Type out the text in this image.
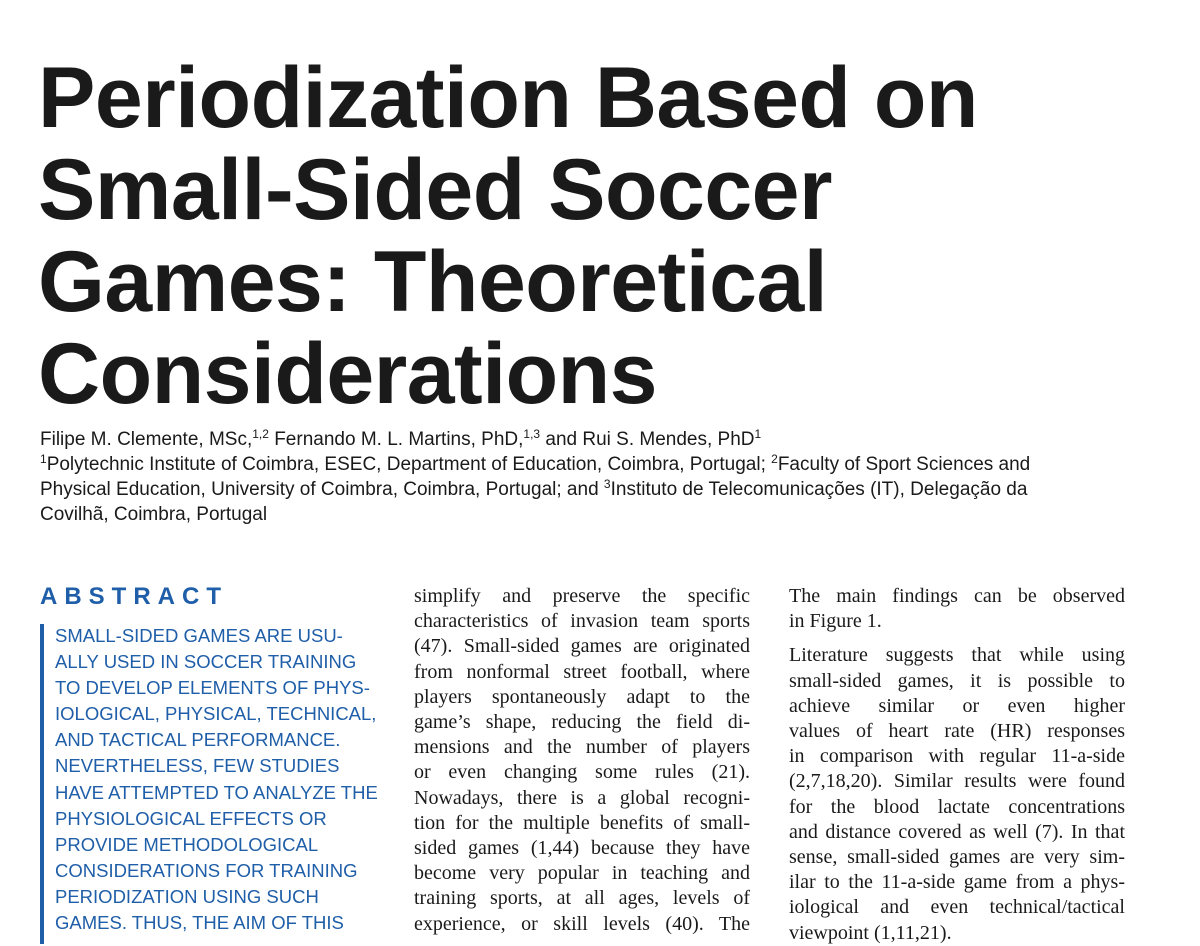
Periodization Based on
Small-Sided Soccer
Games: Theoretical
Considerations
Filipe M. Clemente, MSc,$^{1,2}$ Fernando M. L. Martins, PhD,$^{1,3}$ and Rui S. Mendes, PhD$^1$
$^1$Polytechnic Institute of Coimbra, ESEC, Department of Education, Coimbra, Portugal; $^2$Faculty of Sport Sciences and
Physical Education, University of Coimbra, Coimbra, Portugal; and $^3$Instituto de Telecomunicações (IT), Delegação da
Covilhã, Coimbra, Portugal
ABSTRACT
SMALL-SIDED GAMES ARE USU-
ALLY USED IN SOCCER TRAINING
TO DEVELOP ELEMENTS OF PHYS-
IOLOGICAL, PHYSICAL, TECHNICAL,
AND TACTICAL PERFORMANCE.
NEVERTHELESS, FEW STUDIES
HAVE ATTEMPTED TO ANALYZE THE
PHYSIOLOGICAL EFFECTS OR
PROVIDE METHODOLOGICAL
CONSIDERATIONS FOR TRAINING
PERIODIZATION USING SUCH
GAMES. THUS, THE AIM OF THIS
simplify and preserve the specific
characteristics of invasion team sports
(47). Small-sided games are originated
from nonformal street football, where
players spontaneously adapt to the
game’s shape, reducing the field di-
mensions and the number of players
or even changing some rules (21).
Nowadays, there is a global recogni-
tion for the multiple benefits of small-
sided games (1,44) because they have
become very popular in teaching and
training sports, at all ages, levels of
experience, or skill levels (40). The
The main findings can be observed
in Figure 1.
Literature suggests that while using
small-sided games, it is possible to
achieve similar or even higher
values of heart rate (HR) responses
in comparison with regular 11-a-side
(2,7,18,20). Similar results were found
for the blood lactate concentrations
and distance covered as well (7). In that
sense, small-sided games are very sim-
ilar to the 11-a-side game from a phys-
iological and even technical/tactical
viewpoint (1,11,21).
